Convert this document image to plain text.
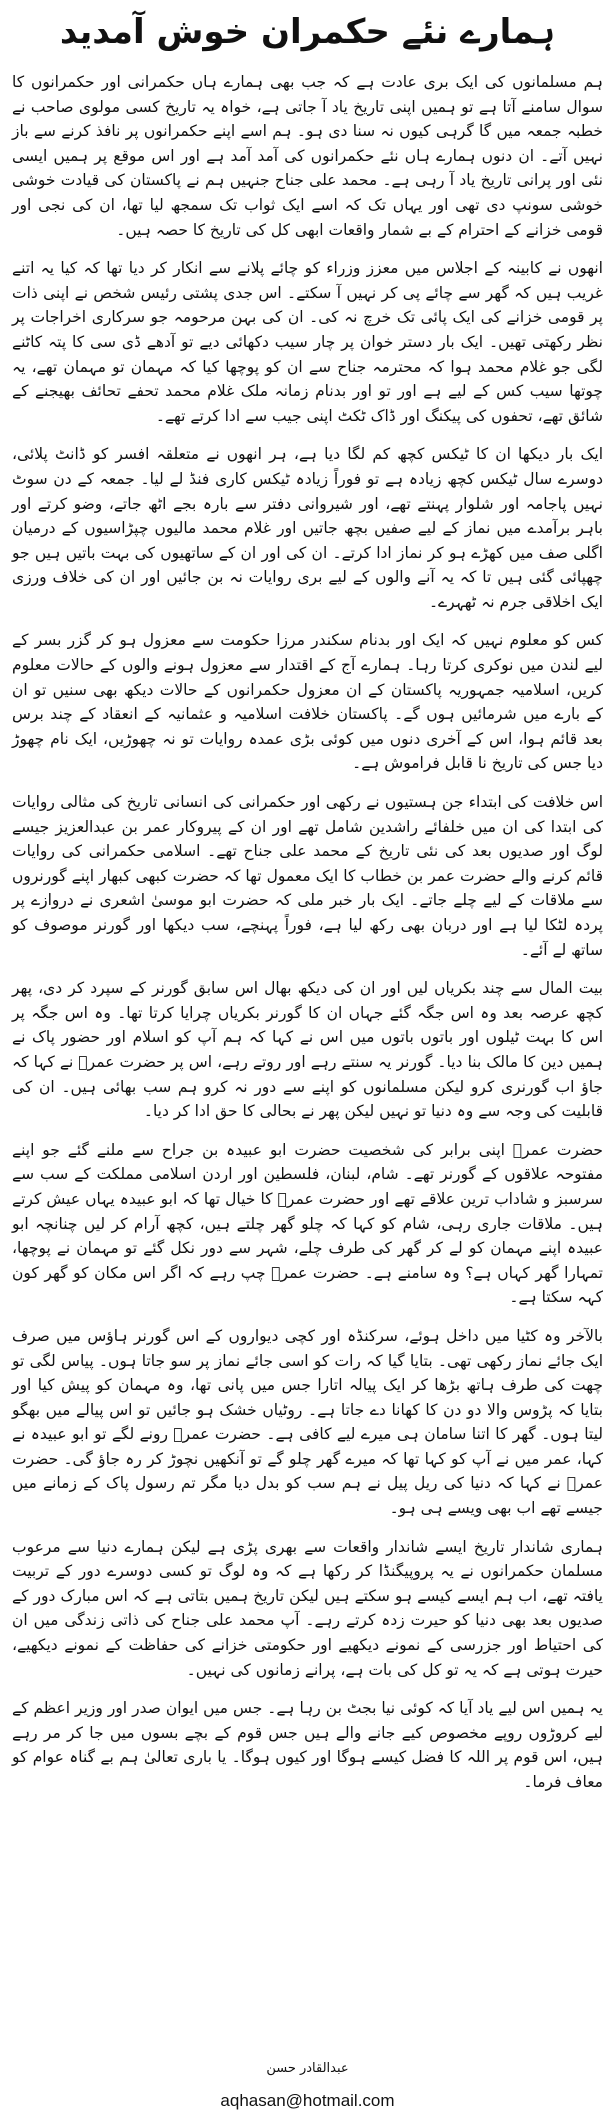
ہمارے نئے حکمران خوش آمدید

ہم مسلمانوں کی ایک بری عادت ہے کہ جب بھی ہمارے ہاں حکمرانی اور حکمرانوں کا سوال سامنے آتا ہے تو ہمیں اپنی تاریخ یاد آ جاتی ہے، خواہ یہ تاریخ کسی مولوی صاحب نے خطبہ جمعہ میں گا گرہی کیوں نہ سنا دی ہو۔ ہم اسے اپنے حکمرانوں پر نافذ کرنے سے باز نہیں آتے۔ ان دنوں ہمارے ہاں نئے حکمرانوں کی آمد آمد ہے اور اس موقع پر ہمیں ایسی نئی اور پرانی تاریخ یاد آ رہی ہے۔ محمد علی جناح جنہیں ہم نے پاکستان کی قیادت خوشی خوشی سونپ دی تھی اور یہاں تک کہ اسے ایک ثواب تک سمجھ لیا تھا، ان کی نجی اور قومی خزانے کے احترام کے بے شمار واقعات ابھی کل کی تاریخ کا حصہ ہیں۔

انھوں نے کابینہ کے اجلاس میں معزز وزراء کو چائے پلانے سے انکار کر دیا تھا کہ کیا یہ اتنے غریب ہیں کہ گھر سے چائے پی کر نہیں آ سکتے۔ اس جدی پشتی رئیس شخص نے اپنی ذات پر قومی خزانے کی ایک پائی تک خرچ نہ کی۔ ان کی بہن مرحومہ جو سرکاری اخراجات پر نظر رکھتی تھیں۔ ایک بار دستر خوان پر چار سیب دکھائی دیے تو آدھے ڈی سی کا پتہ کاٹنے لگی جو غلام محمد ہوا کہ محترمہ جناح سے ان کو پوچھا کیا کہ مہمان تو مہمان تھے، یہ چوتھا سیب کس کے لیے ہے اور تو اور بدنام زمانہ ملک غلام محمد تحفے تحائف بھیجنے کے شائق تھے، تحفوں کی پیکنگ اور ڈاک ٹکٹ اپنی جیب سے ادا کرتے تھے۔

ایک بار دیکھا ان کا ٹیکس کچھ کم لگا دیا ہے، ہر انھوں نے متعلقہ افسر کو ڈانٹ پلائی، دوسرے سال ٹیکس کچھ زیادہ ہے تو فوراً زیادہ ٹیکس کاری فنڈ لے لیا۔ جمعہ کے دن سوٹ نہیں پاجامہ اور شلوار پہنتے تھے، اور شیروانی دفتر سے بارہ بجے اٹھ جاتے، وضو کرتے اور باہر برآمدے میں نماز کے لیے صفیں بچھ جاتیں اور غلام محمد مالیوں چپڑاسیوں کے درمیان اگلی صف میں کھڑے ہو کر نماز ادا کرتے۔ ان کی اور ان کے ساتھیوں کی بہت باتیں ہیں جو چھپائی گئی ہیں تا کہ یہ آنے والوں کے لیے بری روایات نہ بن جائیں اور ان کی خلاف ورزی ایک اخلاقی جرم نہ ٹھہرے۔

کس کو معلوم نہیں کہ ایک اور بدنام سکندر مرزا حکومت سے معزول ہو کر گزر بسر کے لیے لندن میں نوکری کرتا رہا۔ ہمارے آج کے اقتدار سے معزول ہونے والوں کے حالات معلوم کریں، اسلامیہ جمہوریہ پاکستان کے ان معزول حکمرانوں کے حالات دیکھ بھی سنیں تو ان کے بارے میں شرمائیں ہوں گے۔ پاکستان خلافت اسلامیہ و عثمانیہ کے انعقاد کے چند برس بعد قائم ہوا، اس کے آخری دنوں میں کوئی بڑی عمدہ روایات تو نہ چھوڑیں، ایک نام چھوڑ دیا جس کی تاریخ نا قابل فراموش ہے۔

اس خلافت کی ابتداء جن ہستیوں نے رکھی اور حکمرانی کی انسانی تاریخ کی مثالی روایات کی ابتدا کی ان میں خلفائے راشدین شامل تھے اور ان کے پیروکار عمر بن عبدالعزیز جیسے لوگ اور صدیوں بعد کی نئی تاریخ کے محمد علی جناح تھے۔ اسلامی حکمرانی کی روایات قائم کرنے والے حضرت عمر بن خطاب کا ایک معمول تھا کہ حضرت کبھی کبھار اپنے گورنروں سے ملاقات کے لیے چلے جاتے۔ ایک بار خبر ملی کہ حضرت ابو موسیٰ اشعری نے دروازے پر پردہ لٹکا لیا ہے اور دربان بھی رکھ لیا ہے، فوراً پہنچے، سب دیکھا اور گورنر موصوف کو ساتھ لے آئے۔

بیت المال سے چند بکریاں لیں اور ان کی دیکھ بھال اس سابق گورنر کے سپرد کر دی، پھر کچھ عرصہ بعد وہ اس جگہ گئے جہاں ان کا گورنر بکریاں چرایا کرتا تھا۔ وہ اس جگہ پر اس کا بہت ٹیلوں اور باتوں باتوں میں اس نے کہا کہ ہم آپ کو اسلام اور حضور پاک نے ہمیں دین کا مالک بنا دیا۔ گورنر یہ سنتے رہے اور روتے رہے، اس پر حضرت عمرؓ نے کہا کہ جاؤ اب گورنری کرو لیکن مسلمانوں کو اپنے سے دور نہ کرو ہم سب بھائی ہیں۔ ان کی قابلیت کی وجہ سے وہ دنیا تو نہیں لیکن پھر نے بحالی کا حق ادا کر دیا۔

حضرت عمرؓ اپنی برابر کی شخصیت حضرت ابو عبیدہ بن جراح سے ملنے گئے جو اپنے مفتوحہ علاقوں کے گورنر تھے۔ شام، لبنان، فلسطین اور اردن اسلامی مملکت کے سب سے سرسبز و شاداب ترین علاقے تھے اور حضرت عمرؓ کا خیال تھا کہ ابو عبیدہ یہاں عیش کرتے ہیں۔ ملاقات جاری رہی، شام کو کہا کہ چلو گھر چلتے ہیں، کچھ آرام کر لیں چنانچہ ابو عبیدہ اپنے مہمان کو لے کر گھر کی طرف چلے، شہر سے دور نکل گئے تو مہمان نے پوچھا، تمہارا گھر کہاں ہے؟ وہ سامنے ہے۔ حضرت عمرؓ چپ رہے کہ اگر اس مکان کو گھر کون کہہ سکتا ہے۔

بالآخر وہ کٹیا میں داخل ہوئے، سرکنڈہ اور کچی دیواروں کے اس گورنر ہاؤس میں صرف ایک جائے نماز رکھی تھی۔ بتایا گیا کہ رات کو اسی جائے نماز پر سو جاتا ہوں۔ پیاس لگی تو چھت کی طرف ہاتھ بڑھا کر ایک پیالہ اتارا جس میں پانی تھا، وہ مہمان کو پیش کیا اور بتایا کہ پڑوس والا دو دن کا کھانا دے جاتا ہے۔ روٹیاں خشک ہو جائیں تو اس پیالے میں بھگو لیتا ہوں۔ گھر کا اتنا سامان ہی میرے لیے کافی ہے۔ حضرت عمرؓ رونے لگے تو ابو عبیدہ نے کہا، عمر میں نے آپ کو کہا تھا کہ میرے گھر چلو گے تو آنکھیں نچوڑ کر رہ جاؤ گی۔ حضرت عمرؓ نے کہا کہ دنیا کی ریل پیل نے ہم سب کو بدل دیا مگر تم رسول پاک کے زمانے میں جیسے تھے اب بھی ویسے ہی ہو۔

ہماری شاندار تاریخ ایسے شاندار واقعات سے بھری پڑی ہے لیکن ہمارے دنیا سے مرعوب مسلمان حکمرانوں نے یہ پروپیگنڈا کر رکھا ہے کہ وہ لوگ تو کسی دوسرے دور کے تربیت یافتہ تھے، اب ہم ایسے کیسے ہو سکتے ہیں لیکن تاریخ ہمیں بتاتی ہے کہ اس مبارک دور کے صدیوں بعد بھی دنیا کو حیرت زدہ کرتے رہے۔ آپ محمد علی جناح کی ذاتی زندگی میں ان کی احتیاط اور جزرسی کے نمونے دیکھیے اور حکومتی خزانے کی حفاظت کے نمونے دیکھیے، حیرت ہوتی ہے کہ یہ تو کل کی بات ہے، پرانے زمانوں کی نہیں۔

یہ ہمیں اس لیے یاد آیا کہ کوئی نیا بجٹ بن رہا ہے۔ جس میں ایوان صدر اور وزیر اعظم کے لیے کروڑوں روپے مخصوص کیے جانے والے ہیں جس قوم کے بچے بسوں میں جا کر مر رہے ہیں، اس قوم پر اللہ کا فضل کیسے ہوگا اور کیوں ہوگا۔ یا باری تعالیٰ ہم بے گناہ عوام کو معاف فرما۔

عبدالقادر حسن
aqhasan@hotmail.com
